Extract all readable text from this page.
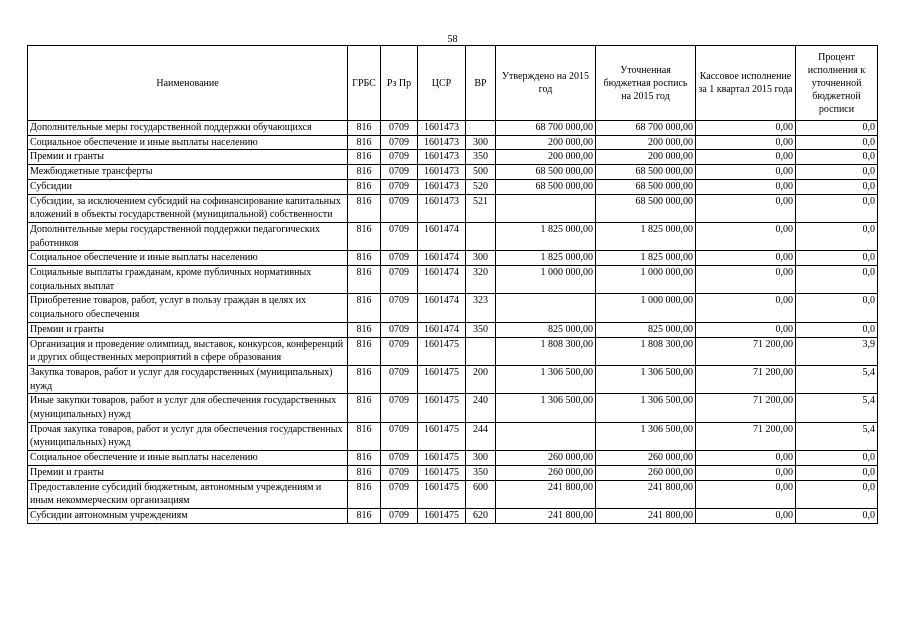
58
Наименование	ГРБС	Рз Пр	ЦСР	ВР	Утверждено на 2015 год	Уточненная бюджетная роспись на 2015 год	Кассовое исполнение за 1 квартал 2015 года	Процент исполнения к уточненной бюджетной росписи
Дополнительные меры государственной поддержки обучающихся	816	0709	1601473		68 700 000,00	68 700 000,00	0,00	0,0
Социальное обеспечение и иные выплаты населению	816	0709	1601473	300	200 000,00	200 000,00	0,00	0,0
Премии и гранты	816	0709	1601473	350	200 000,00	200 000,00	0,00	0,0
Межбюджетные трансферты	816	0709	1601473	500	68 500 000,00	68 500 000,00	0,00	0,0
Субсидии	816	0709	1601473	520	68 500 000,00	68 500 000,00	0,00	0,0
Субсидии, за исключением субсидий на софинансирование капитальных вложений в объекты государственной (муниципальной) собственности	816	0709	1601473	521		68 500 000,00	0,00	0,0
Дополнительные меры государственной поддержки педагогических работников	816	0709	1601474		1 825 000,00	1 825 000,00	0,00	0,0
Социальное обеспечение и иные выплаты населению	816	0709	1601474	300	1 825 000,00	1 825 000,00	0,00	0,0
Социальные выплаты гражданам, кроме публичных нормативных социальных выплат	816	0709	1601474	320	1 000 000,00	1 000 000,00	0,00	0,0
Приобретение товаров, работ, услуг в пользу граждан в целях их социального обеспечения	816	0709	1601474	323		1 000 000,00	0,00	0,0
Премии и гранты	816	0709	1601474	350	825 000,00	825 000,00	0,00	0,0
Организация и проведение олимпиад, выставок, конкурсов, конференций и других общественных мероприятий в сфере образования	816	0709	1601475		1 808 300,00	1 808 300,00	71 200,00	3,9
Закупка товаров, работ и услуг для государственных (муниципальных) нужд	816	0709	1601475	200	1 306 500,00	1 306 500,00	71 200,00	5,4
Иные закупки товаров, работ и услуг для обеспечения государственных (муниципальных) нужд	816	0709	1601475	240	1 306 500,00	1 306 500,00	71 200,00	5,4
Прочая закупка товаров, работ и услуг для обеспечения государственных (муниципальных) нужд	816	0709	1601475	244		1 306 500,00	71 200,00	5,4
Социальное обеспечение и иные выплаты населению	816	0709	1601475	300	260 000,00	260 000,00	0,00	0,0
Премии и гранты	816	0709	1601475	350	260 000,00	260 000,00	0,00	0,0
Предоставление субсидий бюджетным, автономным учреждениям и иным некоммерческим организациям	816	0709	1601475	600	241 800,00	241 800,00	0,00	0,0
Субсидии автономным учреждениям	816	0709	1601475	620	241 800,00	241 800,00	0,00	0,0
